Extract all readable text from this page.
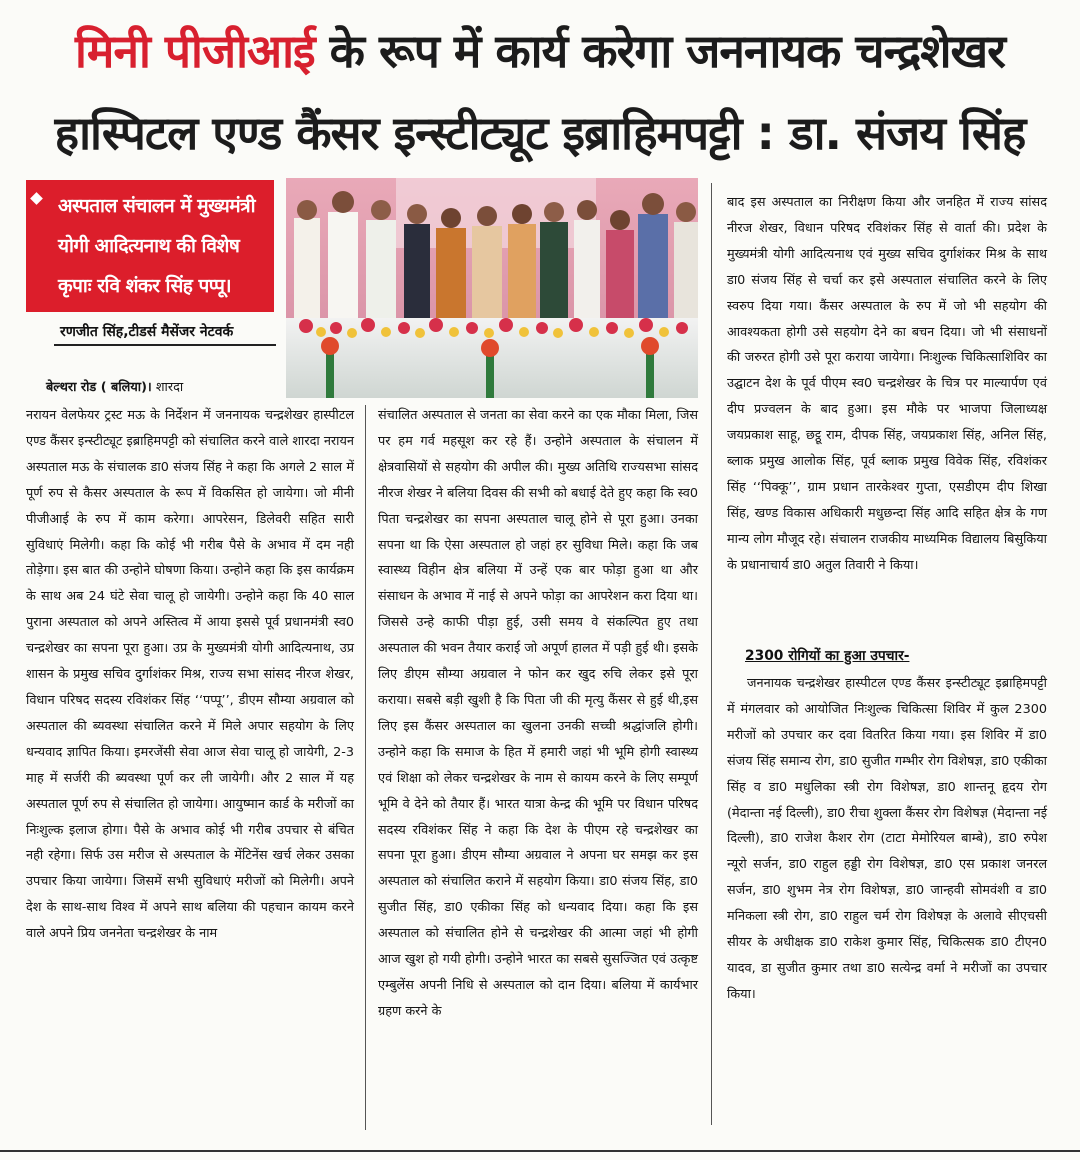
मिनी पीजीआई के रूप में कार्य करेगा जननायक चन्द्रशेखर
हास्पिटल एण्ड कैंसर इन्स्टीट्यूट इब्राहिमपट्टी : डा. संजय सिंह
अस्पताल संचालन में मुख्यमंत्री योगी आदित्यनाथ की विशेष कृपाः रवि शंकर सिंह पप्पू।
रणजीत सिंह,टीडर्स मैसेंजर नेटवर्क

बेल्थरा रोड ( बलिया)। शारदा

नरायन वेलफेयर ट्रस्ट मऊ के निर्देशन में जननायक चन्द्रशेखर हास्पीटल एण्ड कैंसर इन्स्टीट्यूट इब्राहिमपट्टी को संचालित करने वाले शारदा नरायन अस्पताल मऊ के संचालक डा0 संजय सिंह ने कहा कि अगले 2 साल में पूर्ण रुप से कैसर अस्पताल के रूप में विकसित हो जायेगा। जो मीनी पीजीआई के रुप में काम करेगा। आपरेसन, डिलेवरी सहित सारी सुविधाएं मिलेगी। कहा कि कोई भी गरीब पैसे के अभाव में दम नही तोड़ेगा। इस बात की उन्होने घोषणा किया। उन्होने कहा कि इस कार्यक्रम के साथ अब 24 घंटे सेवा चालू हो जायेगी। उन्होने कहा कि 40 साल पुराना अस्पताल को अपने अस्तित्व में आया इससे पूर्व प्रधानमंत्री स्व0 चन्द्रशेखर का सपना पूरा हुआ। उप्र के मुख्यमंत्री योगी आदित्यनाथ, उप्र शासन के प्रमुख सचिव दुर्गाशंकर मिश्र, राज्य सभा सांसद नीरज शेखर, विधान परिषद सदस्य रविशंकर सिंह ‘‘पप्पू’’, डीएम सौम्या अग्रवाल को अस्पताल की ब्यवस्था संचालित करने में मिले अपार सहयोग के लिए धन्यवाद ज्ञापित किया। इमरजेंसी सेवा आज सेवा चालू हो जायेगी, 2-3 माह में सर्जरी की ब्यवस्था पूर्ण कर ली जायेगी। और 2 साल में यह अस्पताल पूर्ण रुप से संचालित हो जायेगा। आयुष्मान कार्ड के मरीजों का निःशुल्क इलाज होगा। पैसे के अभाव कोई भी गरीब उपचार से बंचित नही रहेगा। सिर्फ उस मरीज से अस्पताल के मेंटिनेंस खर्च लेकर उसका उपचार किया जायेगा। जिसमें सभी सुविधाएं मरीजों को मिलेगी। अपने देश के साथ-साथ विश्व में अपने साथ बलिया की पहचान कायम करने वाले अपने प्रिय जननेता चन्द्रशेखर के नाम

संचालित अस्पताल से जनता का सेवा करने का एक मौका मिला, जिस पर हम गर्व महसूश कर रहे हैं। उन्होने अस्पताल के संचालन में क्षेत्रवासियों से सहयोग की अपील की। मुख्य अतिथि राज्यसभा सांसद नीरज शेखर ने बलिया दिवस की सभी को बधाई देते हुए कहा कि स्व0 पिता चन्द्रशेखर का सपना अस्पताल चालू होने से पूरा हुआ। उनका सपना था कि ऐसा अस्पताल हो जहां हर सुविधा मिले। कहा कि जब स्वास्थ्य विहीन क्षेत्र बलिया में उन्हें एक बार फोड़ा हुआ था और संसाधन के अभाव में नाई से अपने फोड़ा का आपरेशन करा दिया था। जिससे उन्हे काफी पीड़ा हुई, उसी समय वे संकल्पित हुए तथा अस्पताल की भवन तैयार कराई जो अपूर्ण हालत में पड़ी हुई थी। इसके लिए डीएम सौम्या अग्रवाल ने फोन कर खुद रुचि लेकर इसे पूरा कराया। सबसे बड़ी खुशी है कि पिता जी की मृत्यु कैंसर से हुई थी,इस लिए इस कैंसर अस्पताल का खुलना उनकी सच्ची श्रद्धांजलि होगी। उन्होने कहा कि समाज के हित में हमारी जहां भी भूमि होगी स्वास्थ्य एवं शिक्षा को लेकर चन्द्रशेखर के नाम से कायम करने के लिए सम्पूर्ण भूमि वे देने को तैयार हैं। भारत यात्रा केन्द्र की भूमि पर विधान परिषद सदस्य रविशंकर सिंह ने कहा कि देश के पीएम रहे चन्द्रशेखर का सपना पूरा हुआ। डीएम सौम्या अग्रवाल ने अपना घर समझ कर इस अस्पताल को संचालित कराने में सहयोग किया। डा0 संजय सिंह, डा0 सुजीत सिंह, डा0 एकीका सिंह को धन्यवाद दिया। कहा कि इस अस्पताल को संचालित होने से चन्द्रशेखर की आत्मा जहां भी होगी आज खुश हो गयी होगी। उन्होने भारत का सबसे सुसज्जित एवं उत्कृष्ट एम्बुलेंस अपनी निधि से अस्पताल को दान दिया। बलिया में कार्यभार ग्रहण करने के

बाद इस अस्पताल का निरीक्षण किया और जनहित में राज्य सांसद नीरज शेखर, विधान परिषद रविशंकर सिंह से वार्ता की। प्रदेश के मुख्यमंत्री योगी आदित्यनाथ एवं मुख्य सचिव दुर्गाशंकर मिश्र के साथ डा0 संजय सिंह से चर्चा कर इसे अस्पताल संचालित करने के लिए स्वरुप दिया गया। कैंसर अस्पताल के रुप में जो भी सहयोग की आवश्यकता होगी उसे सहयोग देने का बचन दिया। जो भी संसाधनों की जरुरत होगी उसे पूरा कराया जायेगा। निःशुल्क चिकित्साशिविर का उद्घाटन देश के पूर्व पीएम स्व0 चन्द्रशेखर के चित्र पर माल्यार्पण एवं दीप प्रज्वलन के बाद हुआ। इस मौके पर भाजपा जिलाध्यक्ष जयप्रकाश साहू, छट्ठू राम, दीपक सिंह, जयप्रकाश सिंह, अनिल सिंह, ब्लाक प्रमुख आलोक सिंह, पूर्व ब्लाक प्रमुख विवेक सिंह, रविशंकर सिंह ‘‘पिक्कू’’, ग्राम प्रधान तारकेश्वर गुप्ता, एसडीएम दीप शिखा सिंह, खण्ड विकास अधिकारी मधुछन्दा सिंह आदि सहित क्षेत्र के गण मान्य लोग मौजूद रहे। संचालन राजकीय माध्यमिक विद्यालय बिसुकिया के प्रधानाचार्य डा0 अतुल तिवारी ने किया।

2300 रोगियों का हुआ उपचार-

जननायक चन्द्रशेखर हास्पीटल एण्ड कैंसर इन्स्टीट्यूट इब्राहिमपट्टी में मंगलवार को आयोजित निःशुल्क चिकित्सा शिविर में कुल 2300 मरीजों को उपचार कर दवा वितरित किया गया। इस शिविर में डा0 संजय सिंह समान्य रोग, डा0 सुजीत गम्भीर रोग विशेषज्ञ, डा0 एकीका सिंह व डा0 मधुलिका स्त्री रोग विशेषज्ञ, डा0 शान्तनू हृदय रोग (मेदान्ता नई दिल्ली), डा0 रीचा शुक्ला कैंसर रोग विशेषज्ञ (मेदान्ता नई दिल्ली), डा0 राजेश कैशर रोग (टाटा मेमोरियल बाम्बे), डा0 रुपेश न्यूरो सर्जन, डा0 राहुल हड्डी रोग विशेषज्ञ, डा0 एस प्रकाश जनरल सर्जन, डा0 शुभम नेत्र रोग विशेषज्ञ, डा0 जान्हवी सोमवंशी व डा0 मनिकला स्त्री रोग, डा0 राहुल चर्म रोग विशेषज्ञ के अलावे सीएचसी सीयर के अधीक्षक डा0 राकेश कुमार सिंह, चिकित्सक डा0 टीएन0 यादव, डा सुजीत कुमार तथा डा0 सत्येन्द्र वर्मा ने मरीजों का उपचार किया।
